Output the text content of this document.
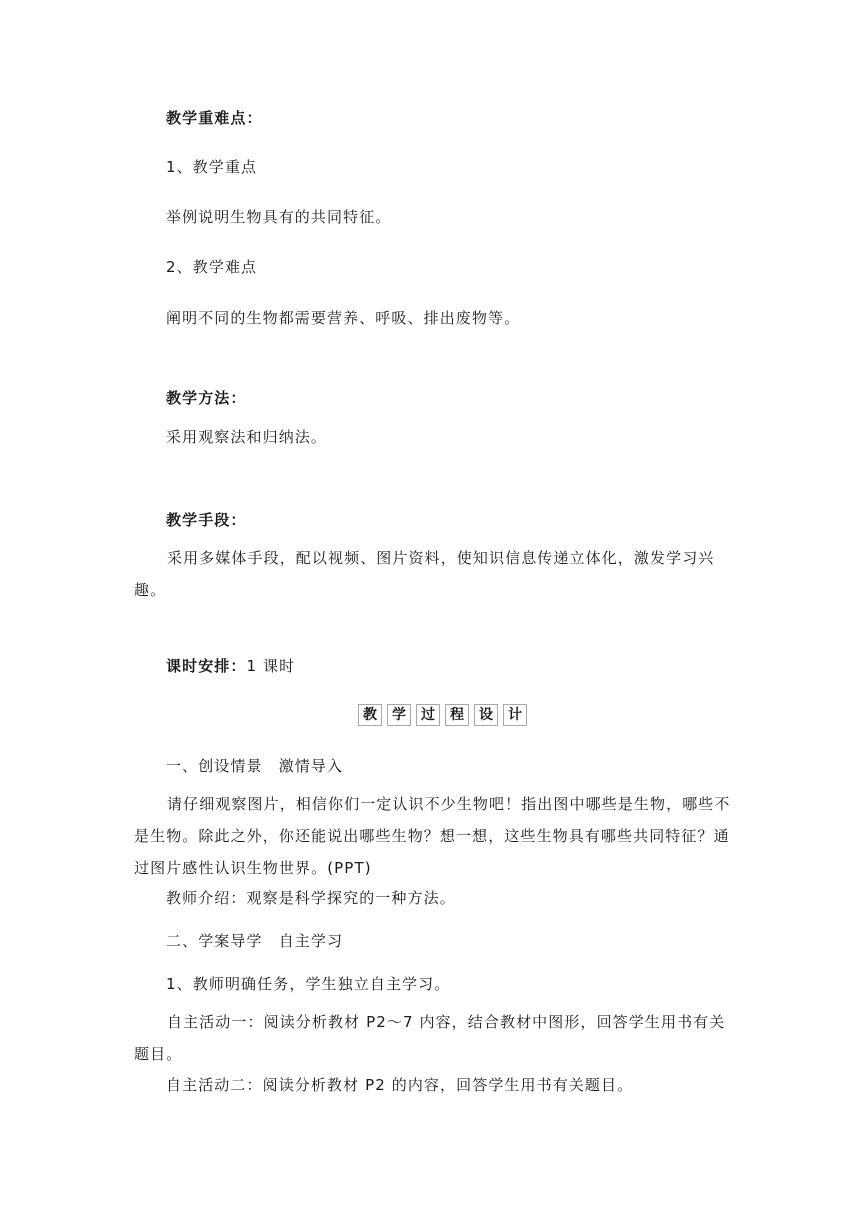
教学重难点：
1、教学重点
举例说明生物具有的共同特征。
2、教学难点
阐明不同的生物都需要营养、呼吸、排出废物等。
教学方法：
采用观察法和归纳法。
教学手段：
采用多媒体手段，配以视频、图片资料，使知识信息传递立体化，激发学习兴趣。
课时安排：1 课时
教	学	过	程	设	计
一、创设情景　激情导入
请仔细观察图片，相信你们一定认识不少生物吧！指出图中哪些是生物，哪些不是生物。除此之外，你还能说出哪些生物？想一想，这些生物具有哪些共同特征？通过图片感性认识生物世界。(PPT)
教师介绍：观察是科学探究的一种方法。
二、学案导学　自主学习
1、教师明确任务，学生独立自主学习。
自主活动一：阅读分析教材 P2～7 内容，结合教材中图形，回答学生用书有关题目。
自主活动二：阅读分析教材 P2 的内容，回答学生用书有关题目。
